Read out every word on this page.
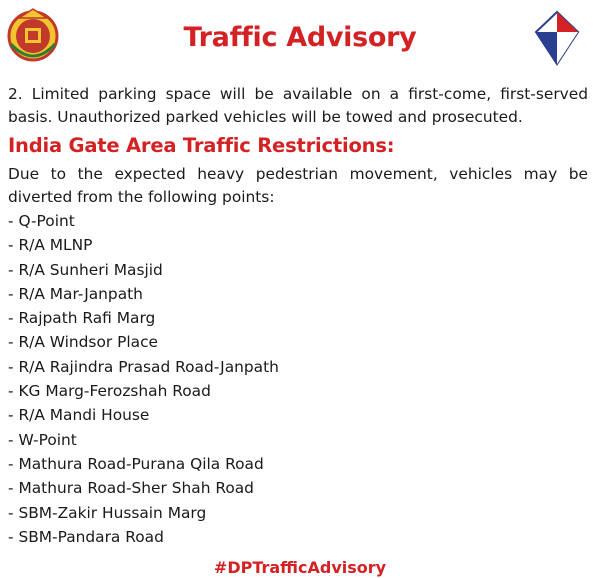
Traffic Advisory

2. Limited parking space will be available on a first-come, first-served basis. Unauthorized parked vehicles will be towed and prosecuted.

India Gate Area Traffic Restrictions:

Due to the expected heavy pedestrian movement, vehicles may be diverted from the following points:

- Q-Point
- R/A MLNP
- R/A Sunheri Masjid
- R/A Mar-Janpath
- Rajpath Rafi Marg
- R/A Windsor Place
- R/A Rajindra Prasad Road-Janpath
- KG Marg-Ferozshah Road
- R/A Mandi House
- W-Point
- Mathura Road-Purana Qila Road
- Mathura Road-Sher Shah Road
- SBM-Zakir Hussain Marg
- SBM-Pandara Road
#DPTrafficAdvisory
